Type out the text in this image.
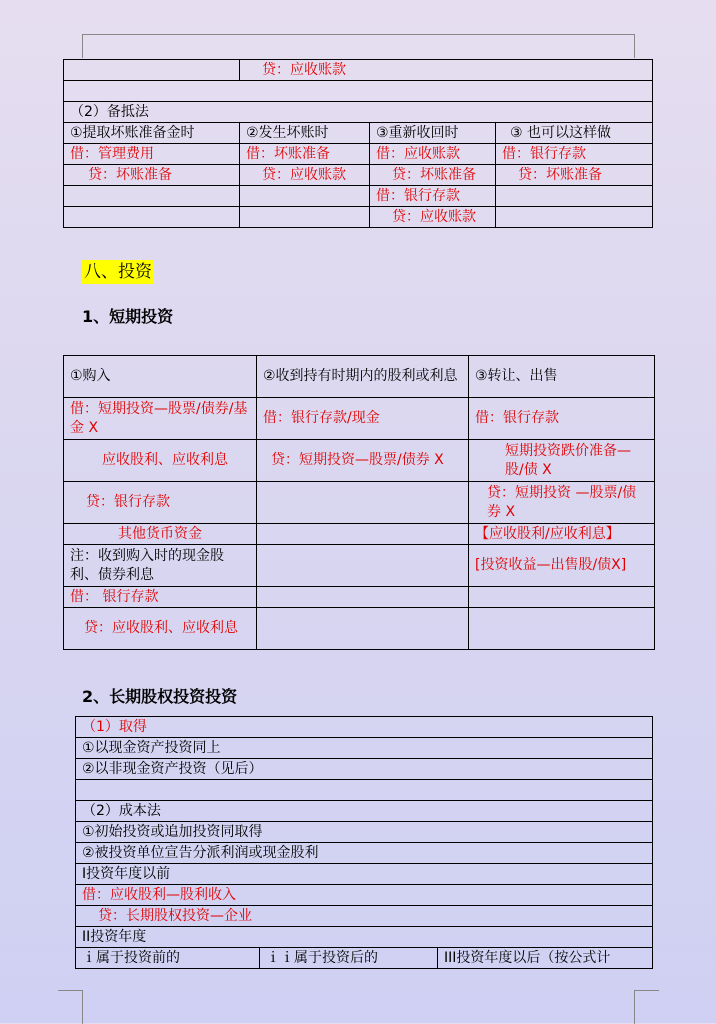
	贷：应收账款		

（2）备抵法			
①提取坏账准备金时	②发生坏账时	③重新收回时	③ 也可以这样做
借：管理费用	借：坏账准备	借：应收账款	借：银行存款
贷：坏账准备	贷：应收账款	贷：坏账准备	贷：坏账准备
		借：银行存款	
		贷：应收账款	
八、投资
1、短期投资
①购入	②收到持有时期内的股利或利息	③转让、出售
借：短期投资—股票/债券/基金 X	借：银行存款/现金	借：银行存款
应收股利、应收利息	贷：短期投资—股票/债券 X	短期投资跌价准备—股/债 X
贷：银行存款		贷：短期投资 —股票/债券 X
其他货币资金		【应收股利/应收利息】
注：收到购入时的现金股利、债券利息		[投资收益—出售股/债X]
借： 银行存款		
贷：应收股利、应收利息		
2、长期股权投资投资
（1）取得
①以现金资产投资同上
②以非现金资产投资（见后）

（2）成本法
①初始投资或追加投资同取得
②被投资单位宣告分派利润或现金股利
Ⅰ投资年度以前
借：应收股利—股利收入
贷：长期股权投资—企业
ⅠⅠ投资年度
ｉ属于投资前的	ｉｉ属于投资后的	ⅠⅠⅠ投资年度以后（按公式计
